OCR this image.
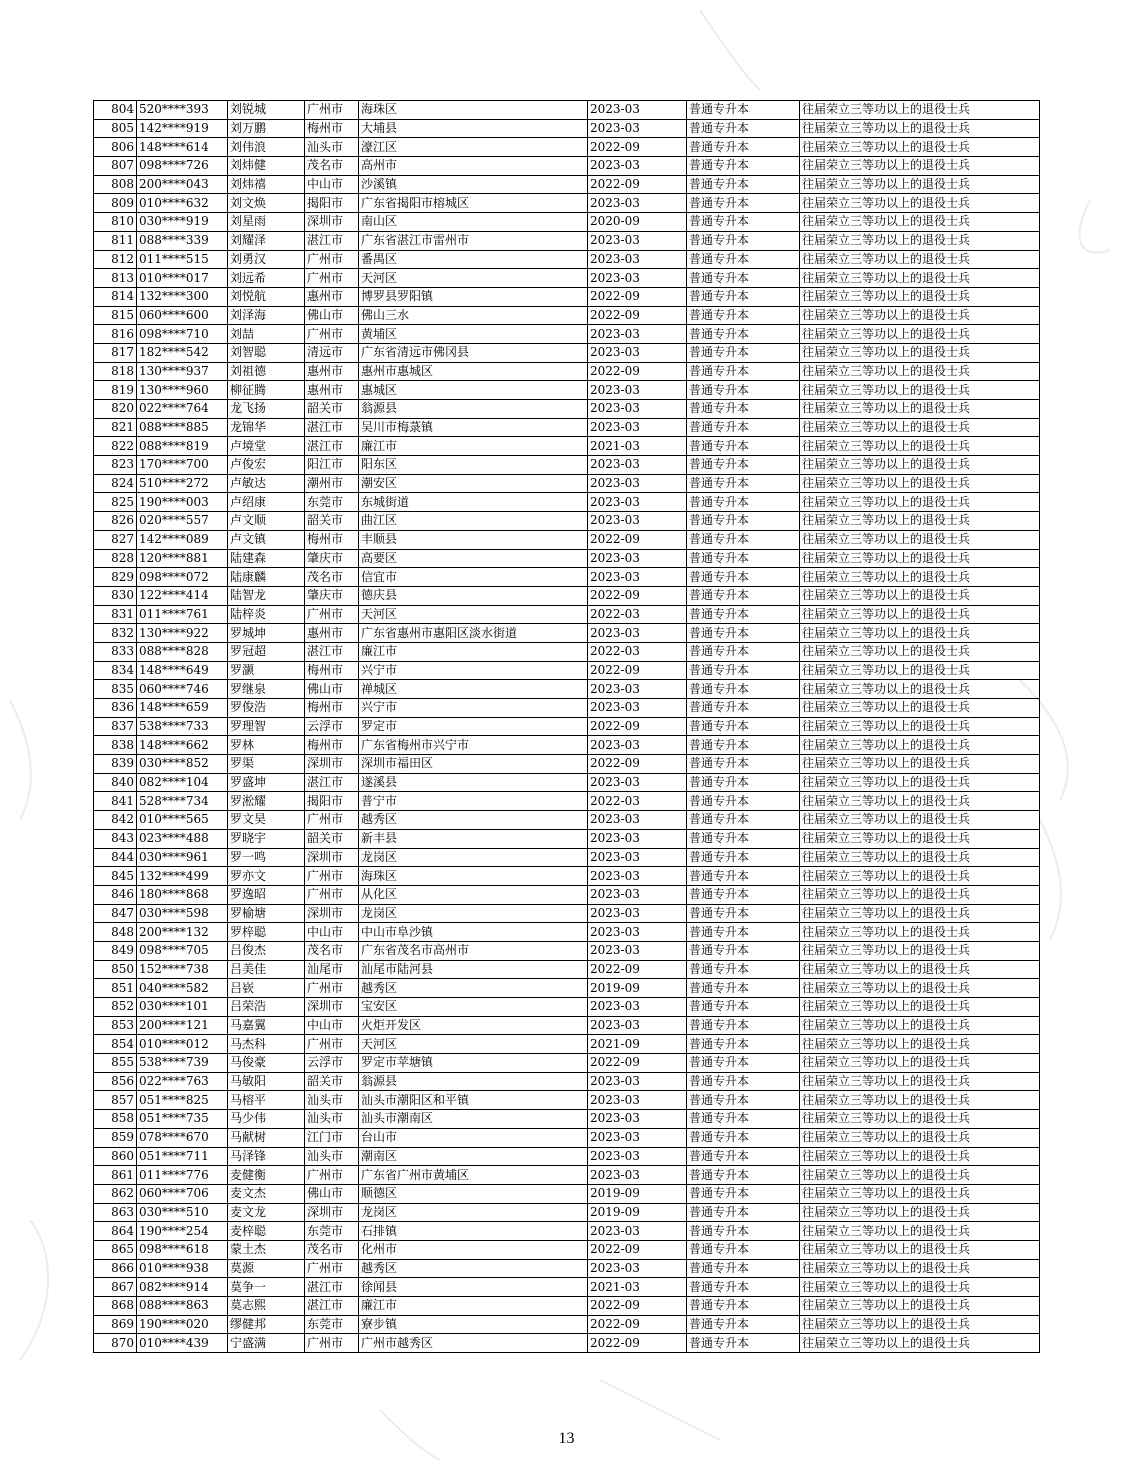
804	520****393	刘锐城	广州市	海珠区	2023-03	普通专升本	往届荣立三等功以上的退役士兵
805	142****919	刘万鹏	梅州市	大埔县	2023-03	普通专升本	往届荣立三等功以上的退役士兵
806	148****614	刘伟浪	汕头市	濠江区	2022-09	普通专升本	往届荣立三等功以上的退役士兵
807	098****726	刘炜健	茂名市	高州市	2023-03	普通专升本	往届荣立三等功以上的退役士兵
808	200****043	刘炜禧	中山市	沙溪镇	2022-09	普通专升本	往届荣立三等功以上的退役士兵
809	010****632	刘文焕	揭阳市	广东省揭阳市榕城区	2023-03	普通专升本	往届荣立三等功以上的退役士兵
810	030****919	刘星雨	深圳市	南山区	2020-09	普通专升本	往届荣立三等功以上的退役士兵
811	088****339	刘耀泽	湛江市	广东省湛江市雷州市	2023-03	普通专升本	往届荣立三等功以上的退役士兵
812	011****515	刘勇汉	广州市	番禺区	2023-03	普通专升本	往届荣立三等功以上的退役士兵
813	010****017	刘远希	广州市	天河区	2023-03	普通专升本	往届荣立三等功以上的退役士兵
814	132****300	刘悦航	惠州市	博罗县罗阳镇	2022-09	普通专升本	往届荣立三等功以上的退役士兵
815	060****600	刘泽海	佛山市	佛山三水	2022-09	普通专升本	往届荣立三等功以上的退役士兵
816	098****710	刘喆	广州市	黄埔区	2023-03	普通专升本	往届荣立三等功以上的退役士兵
817	182****542	刘智聪	清远市	广东省清远市佛冈县	2023-03	普通专升本	往届荣立三等功以上的退役士兵
818	130****937	刘祖德	惠州市	惠州市惠城区	2022-09	普通专升本	往届荣立三等功以上的退役士兵
819	130****960	柳征腾	惠州市	惠城区	2023-03	普通专升本	往届荣立三等功以上的退役士兵
820	022****764	龙飞扬	韶关市	翁源县	2023-03	普通专升本	往届荣立三等功以上的退役士兵
821	088****885	龙锦华	湛江市	吴川市梅菉镇	2023-03	普通专升本	往届荣立三等功以上的退役士兵
822	088****819	卢境堂	湛江市	廉江市	2021-03	普通专升本	往届荣立三等功以上的退役士兵
823	170****700	卢俊宏	阳江市	阳东区	2023-03	普通专升本	往届荣立三等功以上的退役士兵
824	510****272	卢敏达	潮州市	潮安区	2023-03	普通专升本	往届荣立三等功以上的退役士兵
825	190****003	卢绍康	东莞市	东城街道	2023-03	普通专升本	往届荣立三等功以上的退役士兵
826	020****557	卢文顺	韶关市	曲江区	2023-03	普通专升本	往届荣立三等功以上的退役士兵
827	142****089	卢文镇	梅州市	丰顺县	2022-09	普通专升本	往届荣立三等功以上的退役士兵
828	120****881	陆建森	肇庆市	高要区	2023-03	普通专升本	往届荣立三等功以上的退役士兵
829	098****072	陆康麟	茂名市	信宜市	2023-03	普通专升本	往届荣立三等功以上的退役士兵
830	122****414	陆智龙	肇庆市	德庆县	2022-09	普通专升本	往届荣立三等功以上的退役士兵
831	011****761	陆梓炎	广州市	天河区	2022-03	普通专升本	往届荣立三等功以上的退役士兵
832	130****922	罗城坤	惠州市	广东省惠州市惠阳区淡水街道	2023-03	普通专升本	往届荣立三等功以上的退役士兵
833	088****828	罗冠超	湛江市	廉江市	2022-03	普通专升本	往届荣立三等功以上的退役士兵
834	148****649	罗灏	梅州市	兴宁市	2022-09	普通专升本	往届荣立三等功以上的退役士兵
835	060****746	罗继泉	佛山市	禅城区	2023-03	普通专升本	往届荣立三等功以上的退役士兵
836	148****659	罗俊浩	梅州市	兴宁市	2023-03	普通专升本	往届荣立三等功以上的退役士兵
837	538****733	罗理智	云浮市	罗定市	2022-09	普通专升本	往届荣立三等功以上的退役士兵
838	148****662	罗林	梅州市	广东省梅州市兴宁市	2023-03	普通专升本	往届荣立三等功以上的退役士兵
839	030****852	罗渠	深圳市	深圳市福田区	2022-09	普通专升本	往届荣立三等功以上的退役士兵
840	082****104	罗盛坤	湛江市	遂溪县	2023-03	普通专升本	往届荣立三等功以上的退役士兵
841	528****734	罗淞耀	揭阳市	普宁市	2022-03	普通专升本	往届荣立三等功以上的退役士兵
842	010****565	罗文昊	广州市	越秀区	2023-03	普通专升本	往届荣立三等功以上的退役士兵
843	023****488	罗晓宇	韶关市	新丰县	2023-03	普通专升本	往届荣立三等功以上的退役士兵
844	030****961	罗一鸣	深圳市	龙岗区	2023-03	普通专升本	往届荣立三等功以上的退役士兵
845	132****499	罗亦文	广州市	海珠区	2023-03	普通专升本	往届荣立三等功以上的退役士兵
846	180****868	罗逸昭	广州市	从化区	2023-03	普通专升本	往届荣立三等功以上的退役士兵
847	030****598	罗榆塘	深圳市	龙岗区	2023-03	普通专升本	往届荣立三等功以上的退役士兵
848	200****132	罗梓聪	中山市	中山市阜沙镇	2023-03	普通专升本	往届荣立三等功以上的退役士兵
849	098****705	吕俊杰	茂名市	广东省茂名市高州市	2023-03	普通专升本	往届荣立三等功以上的退役士兵
850	152****738	吕美佳	汕尾市	汕尾市陆河县	2022-09	普通专升本	往届荣立三等功以上的退役士兵
851	040****582	吕嵚	广州市	越秀区	2019-09	普通专升本	往届荣立三等功以上的退役士兵
852	030****101	吕荣浩	深圳市	宝安区	2023-03	普通专升本	往届荣立三等功以上的退役士兵
853	200****121	马嘉翼	中山市	火炬开发区	2023-03	普通专升本	往届荣立三等功以上的退役士兵
854	010****012	马杰科	广州市	天河区	2021-09	普通专升本	往届荣立三等功以上的退役士兵
855	538****739	马俊豪	云浮市	罗定市苹塘镇	2022-09	普通专升本	往届荣立三等功以上的退役士兵
856	022****763	马敏阳	韶关市	翁源县	2023-03	普通专升本	往届荣立三等功以上的退役士兵
857	051****825	马榕平	汕头市	汕头市潮阳区和平镇	2023-03	普通专升本	往届荣立三等功以上的退役士兵
858	051****735	马少伟	汕头市	汕头市潮南区	2023-03	普通专升本	往届荣立三等功以上的退役士兵
859	078****670	马献树	江门市	台山市	2023-03	普通专升本	往届荣立三等功以上的退役士兵
860	051****711	马泽锋	汕头市	潮南区	2023-03	普通专升本	往届荣立三等功以上的退役士兵
861	011****776	麦健衡	广州市	广东省广州市黄埔区	2023-03	普通专升本	往届荣立三等功以上的退役士兵
862	060****706	麦文杰	佛山市	顺德区	2019-09	普通专升本	往届荣立三等功以上的退役士兵
863	030****510	麦文龙	深圳市	龙岗区	2019-09	普通专升本	往届荣立三等功以上的退役士兵
864	190****254	麦梓聪	东莞市	石排镇	2023-03	普通专升本	往届荣立三等功以上的退役士兵
865	098****618	蒙土杰	茂名市	化州市	2022-09	普通专升本	往届荣立三等功以上的退役士兵
866	010****938	莫源	广州市	越秀区	2023-03	普通专升本	往届荣立三等功以上的退役士兵
867	082****914	莫争一	湛江市	徐闻县	2021-03	普通专升本	往届荣立三等功以上的退役士兵
868	088****863	莫志熙	湛江市	廉江市	2022-09	普通专升本	往届荣立三等功以上的退役士兵
869	190****020	缪健邦	东莞市	寮步镇	2022-09	普通专升本	往届荣立三等功以上的退役士兵
870	010****439	宁盛满	广州市	广州市越秀区	2022-09	普通专升本	往届荣立三等功以上的退役士兵
13
